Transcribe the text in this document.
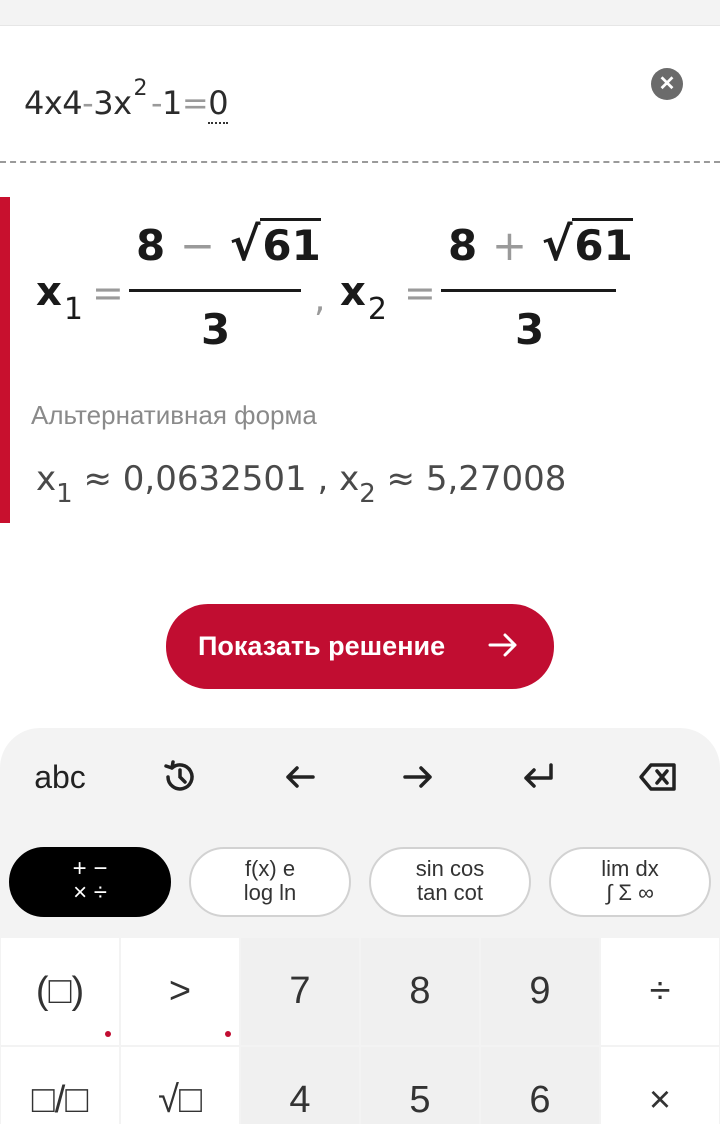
$4x4-3x^2$ -1=0	✕
$x_1$ =
8 − √61
3
, $x_2$ =
8 + √61
3
Альтернативная форма
$x_1 \approx 0,0632501$ , $x_2 \approx 5,27008$
Показать решение
abc
+ −
× ÷
f(x) e
log ln
sin cos
tan cot
lim dx
∫ Σ ∞
(□)	>	7	8	9	÷
□/□	√□	4	5	6	×
